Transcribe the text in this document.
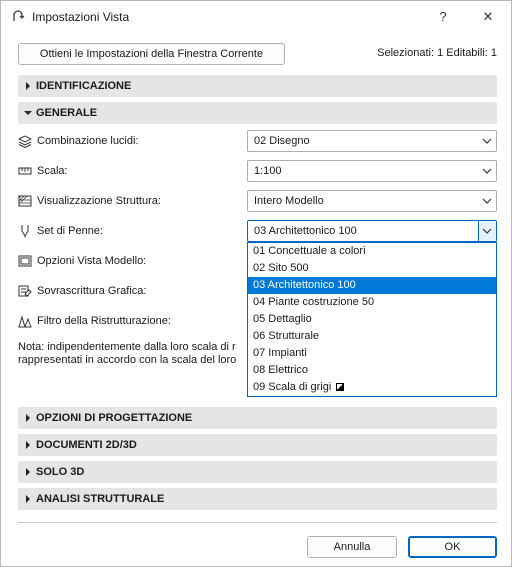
Impostazioni Vista	?	✕
Ottieni le Impostazioni della Finestra Corrente	Selezionati: 1 Editabili: 1
IDENTIFICAZIONE
GENERALE
Combinazione lucidi:	02 Disegno
Scala:	1:100
Visualizzazione Struttura:	Intero Modello
Set di Penne:	03 Architettonico 100
Opzioni Vista Modello:
Sovrascrittura Grafica:
Filtro della Ristrutturazione:
Nota: indipendentemente dalla loro scala di r
rappresentati in accordo con la scala del loro
01 Concettuale a colori
02 Sito 500
03 Architettonico 100
04 Piante costruzione 50
05 Dettaglio
06 Strutturale
07 Impianti
08 Elettrico
09 Scala di grigi
OPZIONI DI PROGETTAZIONE
DOCUMENTI 2D/3D
SOLO 3D
ANALISI STRUTTURALE
Annulla	OK
